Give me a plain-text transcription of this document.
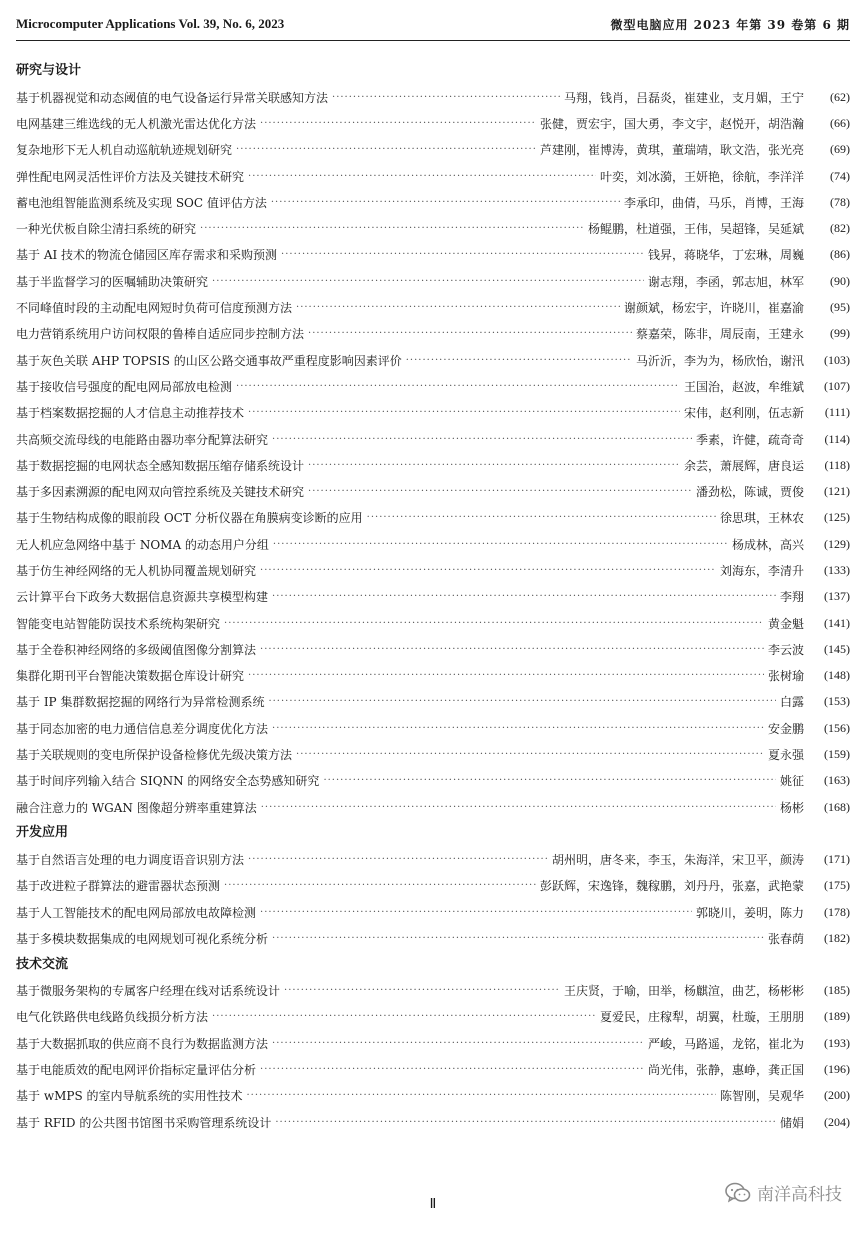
Microcomputer Applications Vol. 39, No. 6, 2023	微型电脑应用 2023 年第 39 卷第 6 期
研究与设计
基于机器视觉和动态阈值的电气设备运行异常关联感知方法 ·····	马翔，钱肖，吕磊炎，崔建业，支月媚，王宁	(62)
电网基建三维选线的无人机激光雷达优化方法 ·····	张健，贾宏宇，国大勇，李文宇，赵悦开，胡浩瀚	(66)
复杂地形下无人机自动巡航轨迹规划研究 ·····	芦建刚，崔博涛，黄琪，董瑞靖，耿文浩，张光亮	(69)
弹性配电网灵活性评价方法及关键技术研究 ·····	叶奕，刘冰漪，王妍艳，徐航，李洋洋	(74)
蓄电池组智能监测系统及实现 SOC 值评估方法 ·····	李承印，曲倩，马乐，肖博，王海	(78)
一种光伏板自除尘清扫系统的研究 ·····	杨鲲鹏，杜道强，王伟，吴超锋，吴延斌	(82)
基于 AI 技术的物流仓储园区库存需求和采购预测 ·····	钱昇，蒋晓华，丁宏琳，周巍	(86)
基于半监督学习的医嘱辅助决策研究 ·····	谢志翔，李函，郭志旭，林军	(90)
不同峰值时段的主动配电网短时负荷可信度预测方法 ·····	谢颜斌，杨宏宇，许晓川，崔嘉渝	(95)
电力营销系统用户访问权限的鲁棒自适应同步控制方法 ·····	蔡嘉荣，陈非，周辰南，王建永	(99)
基于灰色关联 AHP TOPSIS 的山区公路交通事故严重程度影响因素评价 ·····	马沂沂，李为为，杨欣怡，谢汛	(103)
基于接收信号强度的配电网局部放电检测 ·····	王国治，赵波，牟维斌	(107)
基于档案数据挖掘的人才信息主动推荐技术 ·····	宋伟，赵利刚，伍志新	(111)
共高频交流母线的电能路由器功率分配算法研究 ·····	季素，许健，疏奇奇	(114)
基于数据挖掘的电网状态全感知数据压缩存储系统设计 ·····	余芸，萧展辉，唐良运	(118)
基于多因素溯源的配电网双向管控系统及关键技术研究 ·····	潘劲松，陈诚，贾俊	(121)
基于生物结构成像的眼前段 OCT 分析仪器在角膜病变诊断的应用 ·····	徐思琪，王林农	(125)
无人机应急网络中基于 NOMA 的动态用户分组 ·····	杨成林，高兴	(129)
基于仿生神经网络的无人机协同覆盖规划研究 ·····	刘海东，李清升	(133)
云计算平台下政务大数据信息资源共享模型构建 ·····	李翔	(137)
智能变电站智能防误技术系统构架研究 ·····	黄金魁	(141)
基于全卷积神经网络的多级阈值图像分割算法 ·····	李云波	(145)
集群化期刊平台智能决策数据仓库设计研究 ·····	张树瑜	(148)
基于 IP 集群数据挖掘的网络行为异常检测系统 ·····	白露	(153)
基于同态加密的电力通信信息差分调度优化方法 ·····	安金鹏	(156)
基于关联规则的变电所保护设备检修优先级决策方法 ·····	夏永强	(159)
基于时间序列输入结合 SIQNN 的网络安全态势感知研究 ·····	姚征	(163)
融合注意力的 WGAN 图像超分辨率重建算法 ·····	杨彬	(168)
开发应用
基于自然语言处理的电力调度语音识别方法 ·····	胡州明，唐冬来，李玉，朱海洋，宋卫平，颜涛	(171)
基于改进粒子群算法的避雷器状态预测 ·····	彭跃辉，宋逸锋，魏稼鹏，刘丹丹，张嘉，武艳蒙	(175)
基于人工智能技术的配电网局部放电故障检测 ·····	郭晓川，姜明，陈力	(178)
基于多模块数据集成的电网规划可视化系统分析 ·····	张春荫	(182)
技术交流
基于微服务架构的专属客户经理在线对话系统设计 ·····	王庆贤，于喻，田举，杨麒渲，曲艺，杨彬彬	(185)
电气化铁路供电线路负线损分析方法 ·····	夏爱民，庄稼犁，胡翼，杜璇，王朋朋	(189)
基于大数据抓取的供应商不良行为数据监测方法 ·····	严峻，马路遥，龙铭，崔北为	(193)
基于电能质效的配电网评价指标定量评估分析 ·····	尚光伟，张静，惠峥，龚正国	(196)
基于 wMPS 的室内导航系统的实用性技术 ·····	陈智刚，吴观华	(200)
基于 RFID 的公共图书馆图书采购管理系统设计 ·····	储娟	(204)
Ⅱ	南洋高科技
